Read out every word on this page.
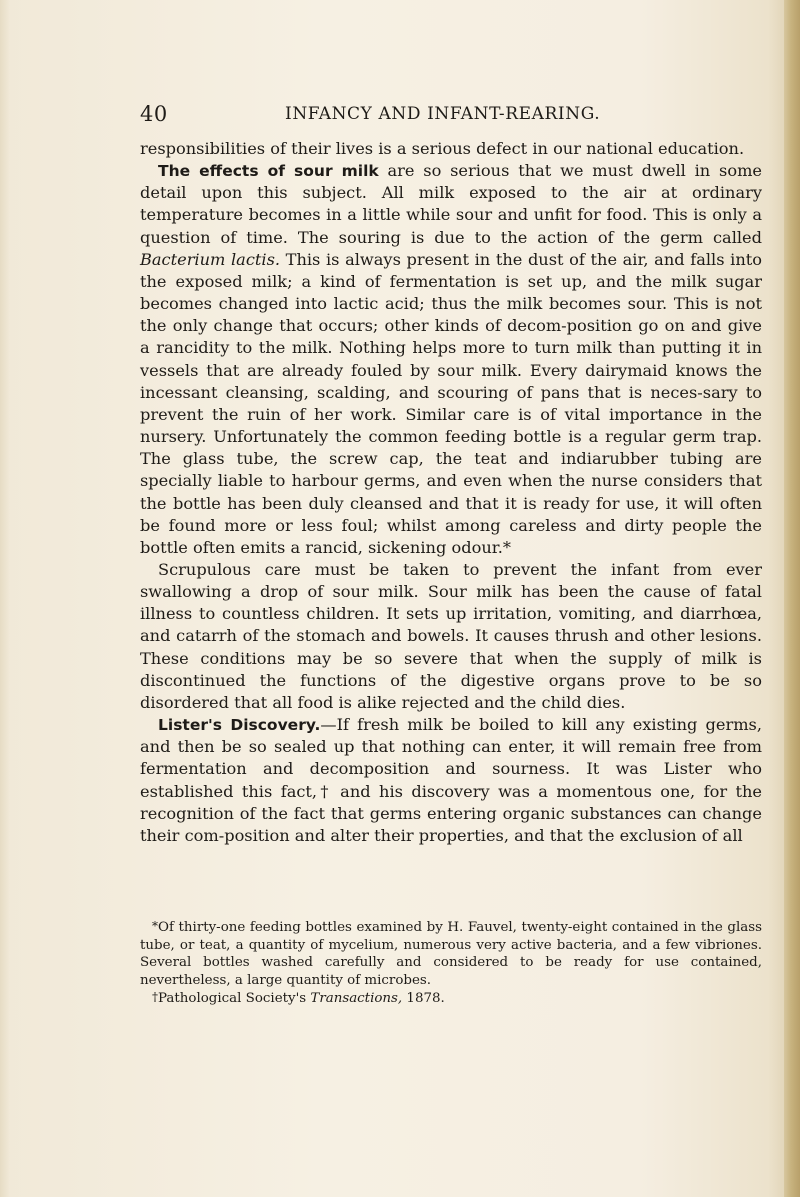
40	INFANCY AND INFANT-REARING.

responsibilities of their lives is a serious defect in our national education.

The effects of sour milk are so serious that we must dwell in some detail upon this subject. All milk exposed to the air at ordinary temperature becomes in a little while sour and unfit for food. This is only a question of time. The souring is due to the action of the germ called Bacterium lactis. This is always present in the dust of the air, and falls into the exposed milk; a kind of fermentation is set up, and the milk sugar becomes changed into lactic acid; thus the milk becomes sour. This is not the only change that occurs; other kinds of decom-position go on and give a rancidity to the milk. Nothing helps more to turn milk than putting it in vessels that are already fouled by sour milk. Every dairymaid knows the incessant cleansing, scalding, and scouring of pans that is neces-sary to prevent the ruin of her work. Similar care is of vital importance in the nursery. Unfortunately the common feeding bottle is a regular germ trap. The glass tube, the screw cap, the teat and indiarubber tubing are specially liable to harbour germs, and even when the nurse considers that the bottle has been duly cleansed and that it is ready for use, it will often be found more or less foul; whilst among careless and dirty people the bottle often emits a rancid, sickening odour.*

Scrupulous care must be taken to prevent the infant from ever swallowing a drop of sour milk. Sour milk has been the cause of fatal illness to countless children. It sets up irritation, vomiting, and diarrhœa, and catarrh of the stomach and bowels. It causes thrush and other lesions. These conditions may be so severe that when the supply of milk is discontinued the functions of the digestive organs prove to be so disordered that all food is alike rejected and the child dies.

Lister's Discovery.—If fresh milk be boiled to kill any existing germs, and then be so sealed up that nothing can enter, it will remain free from fermentation and decomposition and sourness. It was Lister who established this fact,† and his discovery was a momentous one, for the recognition of the fact that germs entering organic substances can change their com-position and alter their properties, and that the exclusion of all

*Of thirty-one feeding bottles examined by H. Fauvel, twenty-eight contained in the glass tube, or teat, a quantity of mycelium, numerous very active bacteria, and a few vibriones. Several bottles washed carefully and considered to be ready for use contained, nevertheless, a large quantity of microbes.

†Pathological Society's Transactions, 1878.
